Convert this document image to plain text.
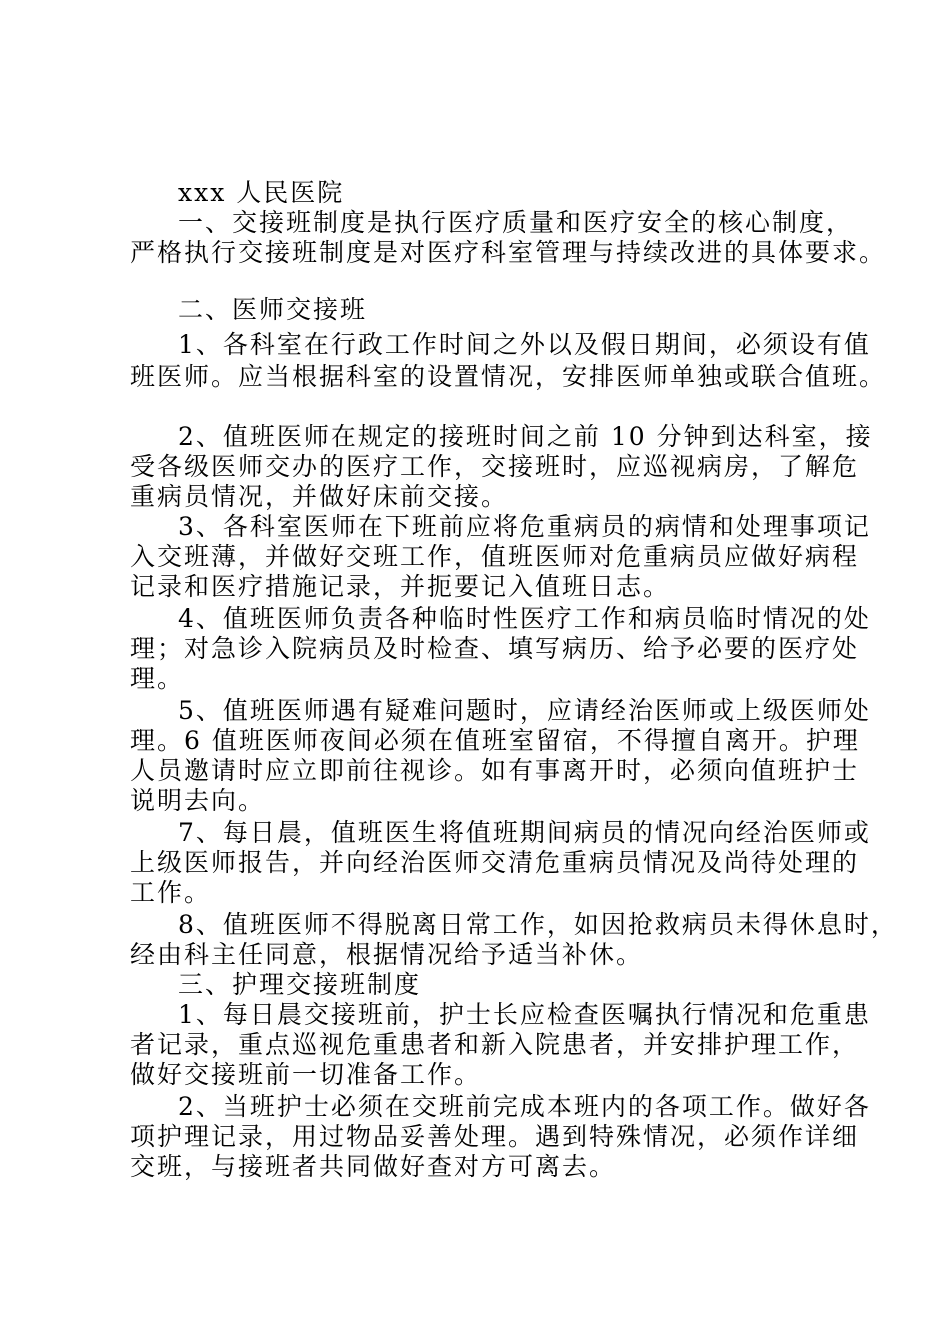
xxx 人民医院
一、交接班制度是执行医疗质量和医疗安全的核心制度，
严格执行交接班制度是对医疗科室管理与持续改进的具体要求。
二、医师交接班
1、各科室在行政工作时间之外以及假日期间，必须设有值
班医师。应当根据科室的设置情况，安排医师单独或联合值班。
2、值班医师在规定的接班时间之前 10 分钟到达科室，接
受各级医师交办的医疗工作，交接班时，应巡视病房，了解危
重病员情况，并做好床前交接。
3、各科室医师在下班前应将危重病员的病情和处理事项记
入交班薄，并做好交班工作，值班医师对危重病员应做好病程
记录和医疗措施记录，并扼要记入值班日志。
4、值班医师负责各种临时性医疗工作和病员临时情况的处
理；对急诊入院病员及时检查、填写病历、给予必要的医疗处
理。
5、值班医师遇有疑难问题时，应请经治医师或上级医师处
理。6 值班医师夜间必须在值班室留宿，不得擅自离开。护理
人员邀请时应立即前往视诊。如有事离开时，必须向值班护士
说明去向。
7、每日晨，值班医生将值班期间病员的情况向经治医师或
上级医师报告，并向经治医师交清危重病员情况及尚待处理的
工作。
8、值班医师不得脱离日常工作，如因抢救病员未得休息时，
经由科主任同意，根据情况给予适当补休。
三、护理交接班制度
1、每日晨交接班前，护士长应检查医嘱执行情况和危重患
者记录，重点巡视危重患者和新入院患者，并安排护理工作，
做好交接班前一切准备工作。
2、当班护士必须在交班前完成本班内的各项工作。做好各
项护理记录，用过物品妥善处理。遇到特殊情况，必须作详细
交班，与接班者共同做好查对方可离去。
